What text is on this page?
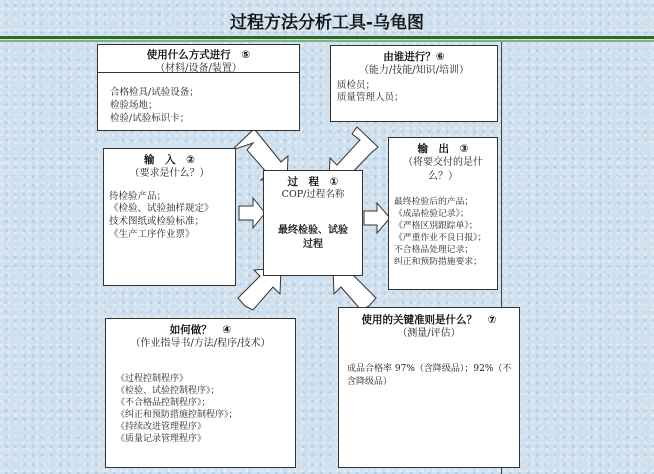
过程方法分析工具-乌龟图
使用什么方式进行　⑤
（材料/设备/装置）
合格检具/试验设备；
检验场地；
检验/试验标识卡；
由谁进行？⑥
（能力/技能/知识/培训）
质检员；
质量管理人员；
输　入　②
（要求是什么？）
待检验产品；
《检验、试验抽样规定》
技术图纸或检验标准；
《生产工序作业票》
过　程　①
COP/过程名称
最终检验、试验
过程
输　出　③
（将要交付的是什
么？）
最终检验后的产品；
《成品检验记录》；
《严格区别跟踪单》；
《严重作业不良日报》；
不合格品处理记录；
纠正和预防措施要求；
如何做？　④
（作业指导书/方法/程序/技术）
《过程控制程序》
《检验、试验控制程序》；
《不合格品控制程序》；
《纠正和预防措施控制程序》；
《持续改进管理程序》
《质量记录管理程序》
使用的关键准则是什么？　⑦
（测量/评估）
成品合格率 97%（含降级品）；92%（不
含降级品）
